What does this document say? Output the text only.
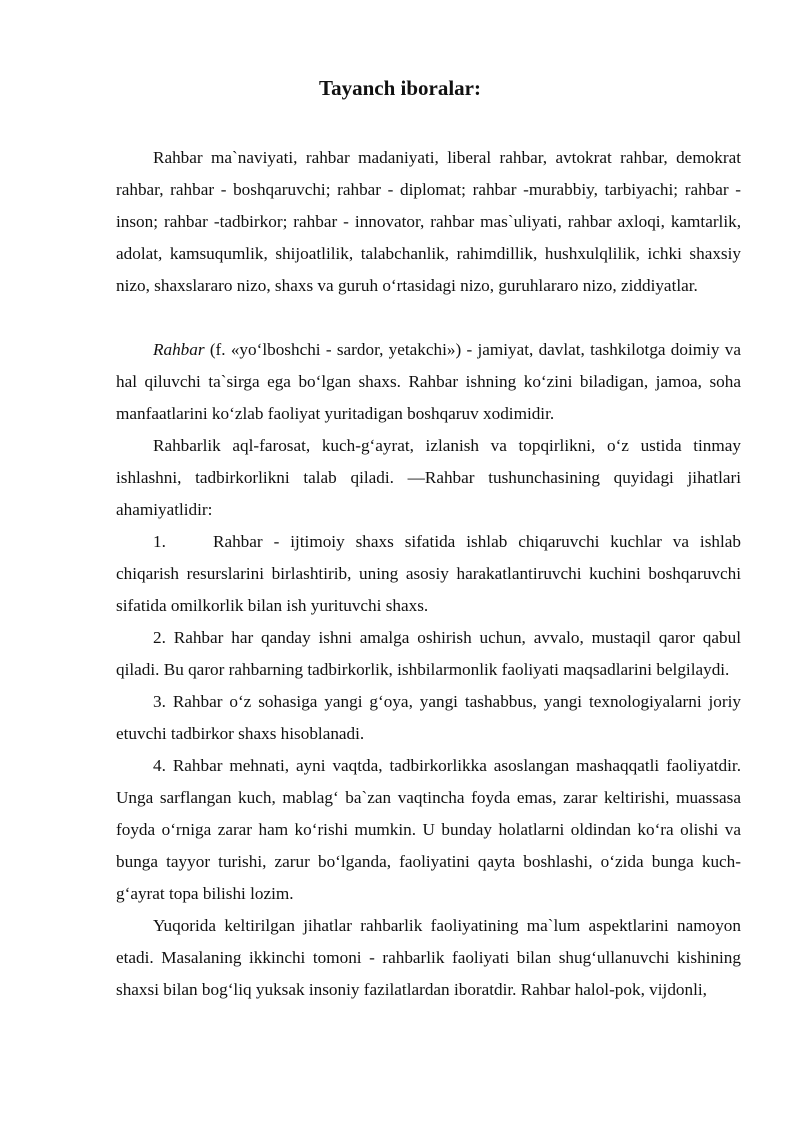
Tayanch iboralar:

Rahbar ma`naviyati, rahbar madaniyati, liberal rahbar, avtokrat rahbar, demokrat rahbar, rahbar - boshqaruvchi; rahbar - diplomat; rahbar -murabbiy, tarbiyachi; rahbar - inson; rahbar -tadbirkor; rahbar - innovator, rahbar mas`uliyati, rahbar axloqi, kamtarlik, adolat, kamsuqumlik, shijoatlilik, talabchanlik, rahimdillik, hushxulqlilik, ichki shaxsiy nizo, shaxslararo nizo, shaxs va guruh o‘rtasidagi nizo, guruhlararo nizo, ziddiyatlar.

Rahbar (f. «yo‘lboshchi - sardor, yetakchi») - jamiyat, davlat, tashkilotga doimiy va hal qiluvchi ta`sirga ega bo‘lgan shaxs. Rahbar ishning ko‘zini biladigan, jamoa, soha manfaatlarini ko‘zlab faoliyat yuritadigan boshqaruv xodimidir.

Rahbarlik aql-farosat, kuch-g‘ayrat, izlanish va topqirlikni, o‘z ustida tinmay ishlashni, tadbirkorlikni talab qiladi. —Rahbar tushunchasining quyidagi jihatlari ahamiyatlidir:

1.	Rahbar - ijtimoiy shaxs sifatida ishlab chiqaruvchi kuchlar va ishlab chiqarish resurslarini birlashtirib, uning asosiy harakatlantiruvchi kuchini boshqaruvchi sifatida omilkorlik bilan ish yurituvchi shaxs.

2. Rahbar har qanday ishni amalga oshirish uchun, avvalo, mustaqil qaror qabul qiladi. Bu qaror rahbarning tadbirkorlik, ishbilarmonlik faoliyati maqsadlarini belgilaydi.

3. Rahbar o‘z sohasiga yangi g‘oya, yangi tashabbus, yangi texnologiyalarni joriy etuvchi tadbirkor shaxs hisoblanadi.

4. Rahbar mehnati, ayni vaqtda, tadbirkorlikka asoslangan mashaqqatli faoliyatdir. Unga sarflangan kuch, mablag‘ ba`zan vaqtincha foyda emas, zarar keltirishi, muassasa foyda o‘rniga zarar ham ko‘rishi mumkin. U bunday holatlarni oldindan ko‘ra olishi va bunga tayyor turishi, zarur bo‘lganda, faoliyatini qayta boshlashi, o‘zida bunga kuch-g‘ayrat topa bilishi lozim.

Yuqorida keltirilgan jihatlar rahbarlik faoliyatining ma`lum aspektlarini namoyon etadi. Masalaning ikkinchi tomoni - rahbarlik faoliyati bilan shug‘ullanuvchi kishining shaxsi bilan bog‘liq yuksak insoniy fazilatlardan iboratdir. Rahbar halol-pok, vijdonli,
